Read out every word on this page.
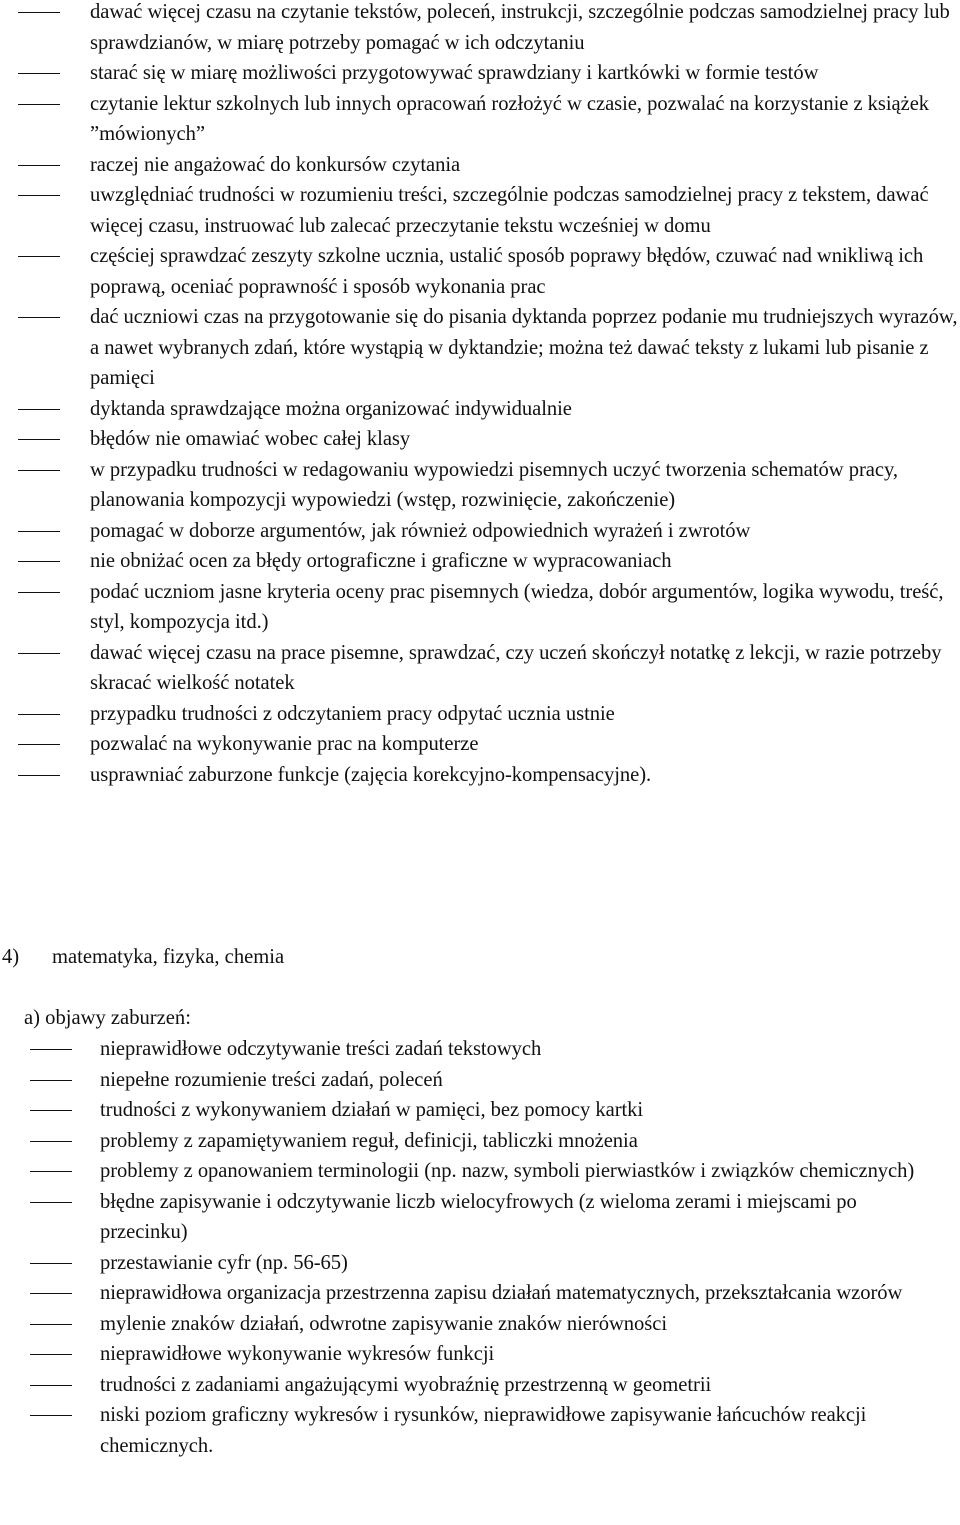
dawać więcej czasu na czytanie tekstów, poleceń, instrukcji, szczególnie podczas samodzielnej pracy lub sprawdzianów, w miarę potrzeby pomagać w ich odczytaniu
starać się w miarę możliwości przygotowywać sprawdziany i kartkówki w formie testów
czytanie lektur szkolnych lub innych opracowań rozłożyć w czasie, pozwalać na korzystanie z książek ”mówionych”
raczej nie angażować do konkursów czytania
uwzględniać trudności w rozumieniu treści, szczególnie podczas samodzielnej pracy z tekstem, dawać więcej czasu, instruować lub zalecać przeczytanie tekstu wcześniej w domu
częściej sprawdzać zeszyty szkolne ucznia, ustalić sposób poprawy błędów, czuwać nad wnikliwą ich poprawą, oceniać poprawność i sposób wykonania prac
dać uczniowi czas na przygotowanie się do pisania dyktanda poprzez podanie mu trudniejszych wyrazów, a nawet wybranych zdań, które wystąpią w dyktandzie; można też dawać teksty z lukami lub pisanie z pamięci
dyktanda sprawdzające można organizować indywidualnie
błędów nie omawiać wobec całej klasy
w przypadku trudności w redagowaniu wypowiedzi pisemnych uczyć tworzenia schematów pracy, planowania kompozycji wypowiedzi (wstęp, rozwinięcie, zakończenie)
pomagać w doborze argumentów, jak również odpowiednich wyrażeń i zwrotów
nie obniżać ocen za błędy ortograficzne i graficzne w wypracowaniach
podać uczniom jasne kryteria oceny prac pisemnych (wiedza, dobór argumentów, logika wywodu, treść, styl, kompozycja itd.)
dawać więcej czasu na prace pisemne, sprawdzać, czy uczeń skończył notatkę z lekcji, w razie potrzeby skracać wielkość notatek
przypadku trudności z odczytaniem pracy odpytać ucznia ustnie
pozwalać na wykonywanie prac na komputerze
usprawniać zaburzone funkcje (zajęcia korekcyjno-kompensacyjne).
4) matematyka, fizyka, chemia
a) objawy zaburzeń:
nieprawidłowe odczytywanie treści zadań tekstowych
niepełne rozumienie treści zadań, poleceń
trudności z wykonywaniem działań w pamięci, bez pomocy kartki
problemy z zapamiętywaniem reguł, definicji, tabliczki mnożenia
problemy z opanowaniem terminologii (np. nazw, symboli pierwiastków i związków chemicznych)
błędne zapisywanie i odczytywanie liczb wielocyfrowych (z wieloma zerami i miejscami po przecinku)
przestawianie cyfr (np. 56-65)
nieprawidłowa organizacja przestrzenna zapisu działań matematycznych, przekształcania wzorów
mylenie znaków działań, odwrotne zapisywanie znaków nierówności
nieprawidłowe wykonywanie wykresów funkcji
trudności z zadaniami angażującymi wyobraźnię przestrzenną w geometrii
niski poziom graficzny wykresów i rysunków, nieprawidłowe zapisywanie łańcuchów reakcji chemicznych.
